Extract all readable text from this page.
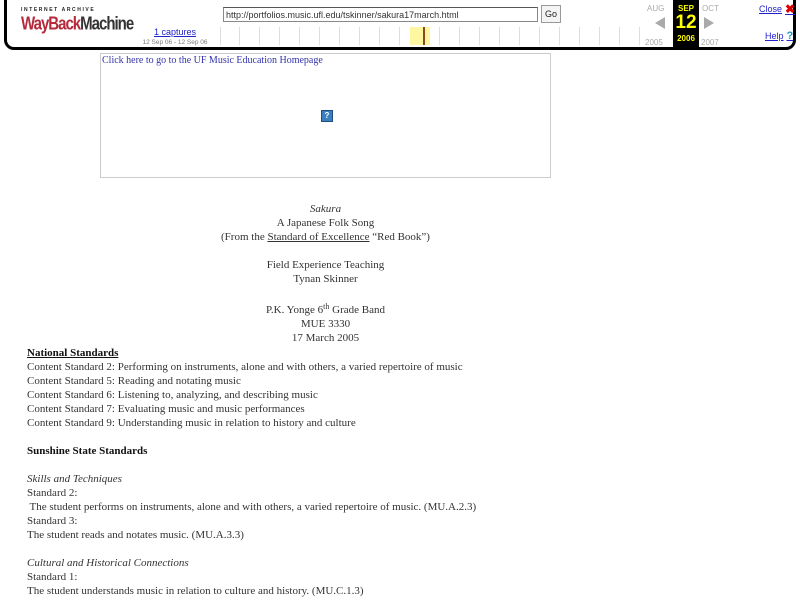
INTERNET ARCHIVE
WayBack Machine	1 captures
12 Sep 06 - 12 Sep 06
http://portfolios.music.ufl.edu/tskinner/sakura17march.html	Go
AUG
2005
SEP
12
2006
OCT
2007
Close ✖
Help ?
Click here to go to the UF Music Education Homepage
?
Sakura
A Japanese Folk Song
(From the Standard of Excellence “Red Book”)
Field Experience Teaching
Tynan Skinner
P.K. Yonge 6th Grade Band
MUE 3330
17 March 2005
National Standards
Content Standard 2: Performing on instruments, alone and with others, a varied repertoire of music
Content Standard 5: Reading and notating music
Content Standard 6: Listening to, analyzing, and describing music
Content Standard 7: Evaluating music and music performances
Content Standard 9: Understanding music in relation to history and culture
Sunshine State Standards
Skills and Techniques
Standard 2:
The student performs on instruments, alone and with others, a varied repertoire of music. (MU.A.2.3)
Standard 3:
The student reads and notates music. (MU.A.3.3)
Cultural and Historical Connections
Standard 1:
The student understands music in relation to culture and history. (MU.C.1.3)
